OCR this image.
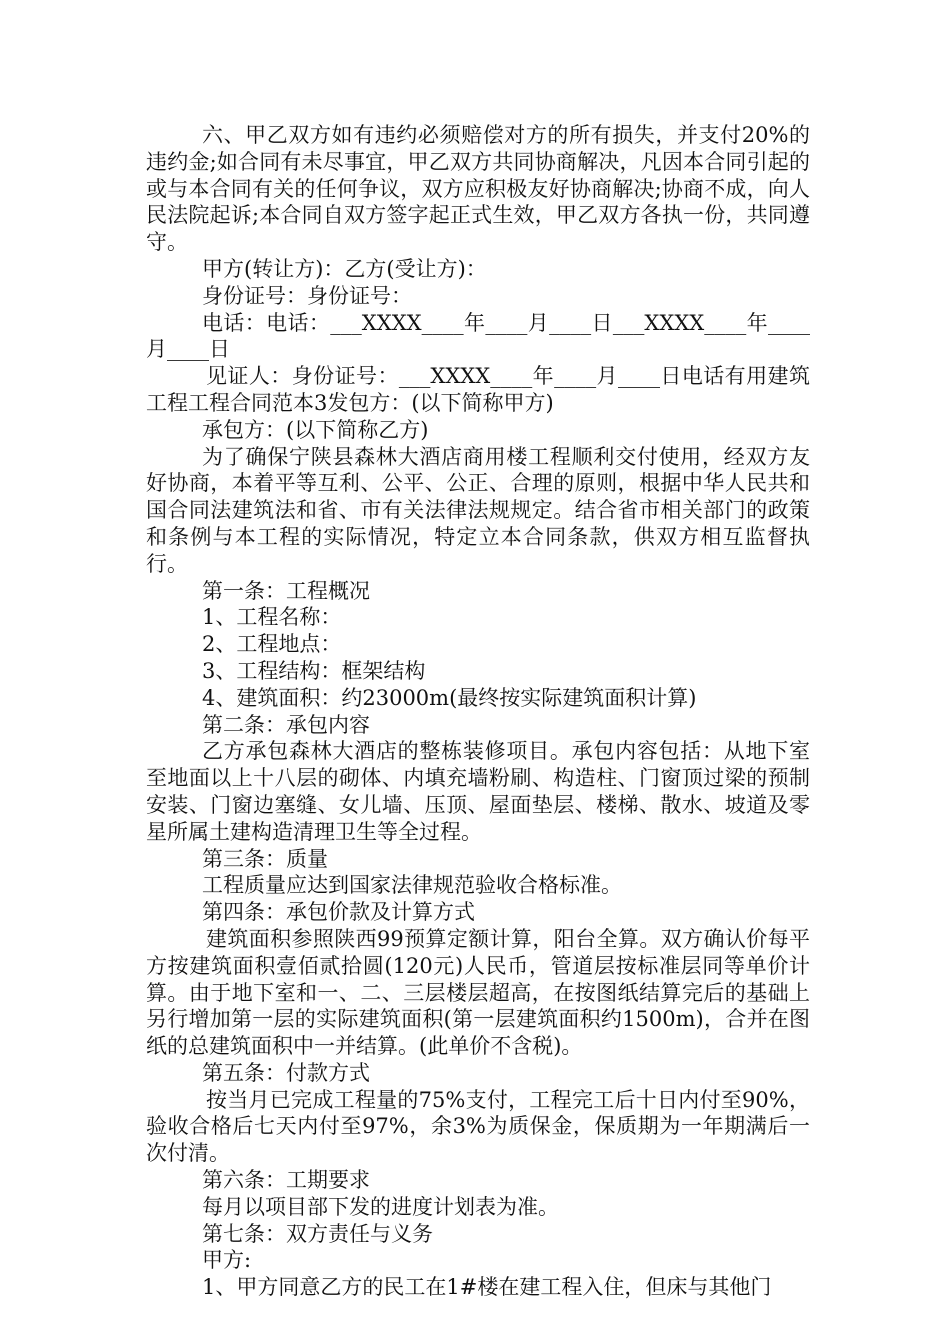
六、甲乙双方如有违约必须赔偿对方的所有损失，并支付20%的违约金;如合同有未尽事宜，甲乙双方共同协商解决，凡因本合同引起的或与本合同有关的任何争议，双方应积极友好协商解决;协商不成，向人民法院起诉;本合同自双方签字起正式生效，甲乙双方各执一份，共同遵守。

甲方(转让方)：乙方(受让方)：

身份证号：身份证号：

电话：电话：___XXXX____年____月____日___XXXX____年____月____日

见证人：身份证号：___XXXX____年____月____日电话有用建筑工程工程合同范本3发包方：(以下简称甲方)

承包方：(以下简称乙方)

为了确保宁陕县森林大酒店商用楼工程顺利交付使用，经双方友好协商，本着平等互利、公平、公正、合理的原则，根据中华人民共和国合同法建筑法和省、市有关法律法规规定。结合省市相关部门的政策和条例与本工程的实际情况，特定立本合同条款，供双方相互监督执行。

第一条：工程概况

1、工程名称：

2、工程地点：

3、工程结构：框架结构

4、建筑面积：约23000m(最终按实际建筑面积计算)

第二条：承包内容

乙方承包森林大酒店的整栋装修项目。承包内容包括：从地下室至地面以上十八层的砌体、内填充墙粉刷、构造柱、门窗顶过梁的预制安装、门窗边塞缝、女儿墙、压顶、屋面垫层、楼梯、散水、坡道及零星所属土建构造清理卫生等全过程。

第三条：质量

工程质量应达到国家法律规范验收合格标准。

第四条：承包价款及计算方式

建筑面积参照陕西99预算定额计算，阳台全算。双方确认价每平方按建筑面积壹佰贰拾圆(120元)人民币，管道层按标准层同等单价计算。由于地下室和一、二、三层楼层超高，在按图纸结算完后的基础上另行增加第一层的实际建筑面积(第一层建筑面积约1500m)，合并在图纸的总建筑面积中一并结算。(此单价不含税)。

第五条：付款方式

按当月已完成工程量的75%支付，工程完工后十日内付至90%，验收合格后七天内付至97%，余3%为质保金，保质期为一年期满后一次付清。

第六条：工期要求

每月以项目部下发的进度计划表为准。

第七条：双方责任与义务

甲方:

1、甲方同意乙方的民工在1#楼在建工程入住，但床与其他门
